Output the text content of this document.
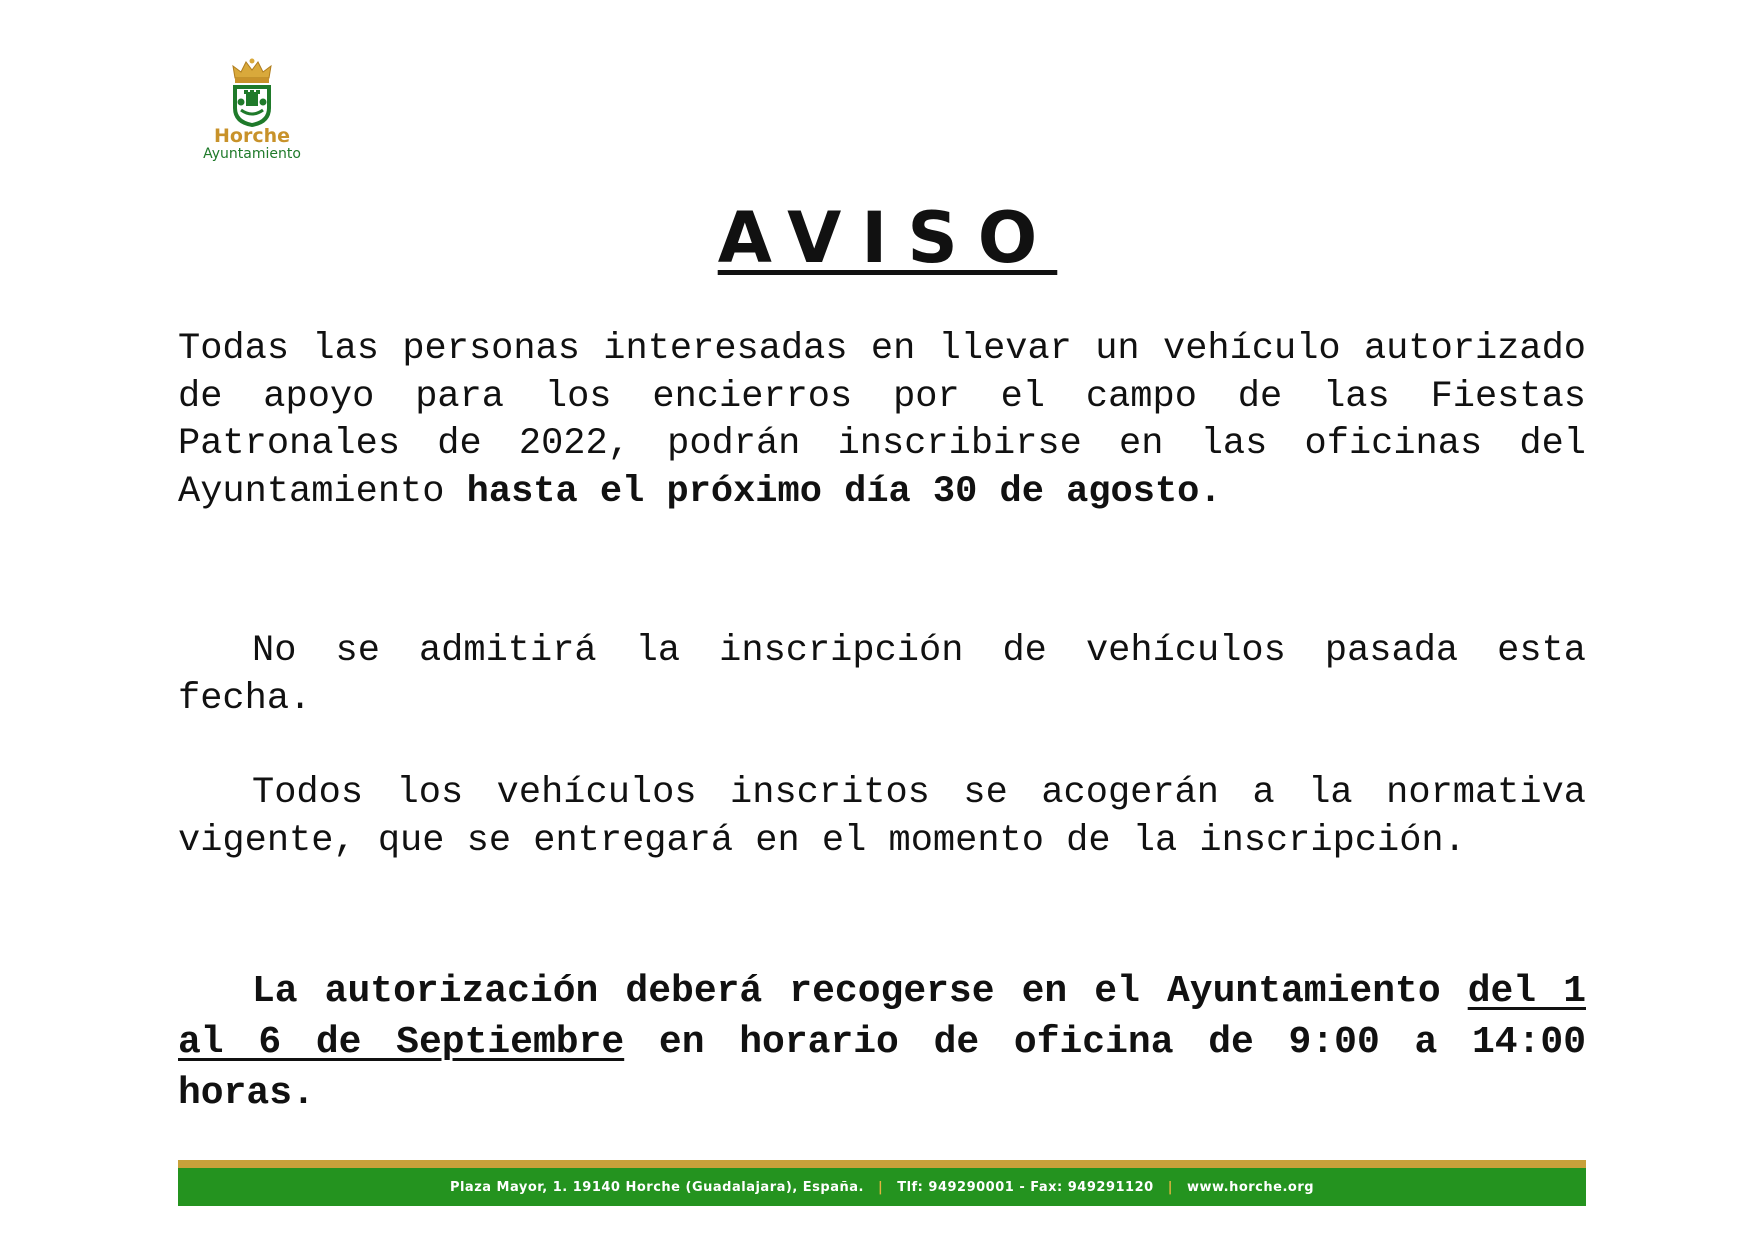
Horche
Ayuntamiento
AVISO

Todas las personas interesadas en llevar un vehículo autorizado de apoyo para los encierros por el campo de las Fiestas Patronales de 2022, podrán inscribirse en las oficinas del Ayuntamiento hasta el próximo día 30 de agosto.

No se admitirá la inscripción de vehículos pasada esta fecha.

Todos los vehículos inscritos se acogerán a la normativa vigente, que se entregará en el momento de la inscripción.

La autorización deberá recogerse en el Ayuntamiento del 1 al 6 de Septiembre en horario de oficina de 9:00 a 14:00 horas.

Plaza Mayor, 1. 19140 Horche (Guadalajara), España. | Tlf: 949290001 - Fax: 949291120 | www.horche.org
